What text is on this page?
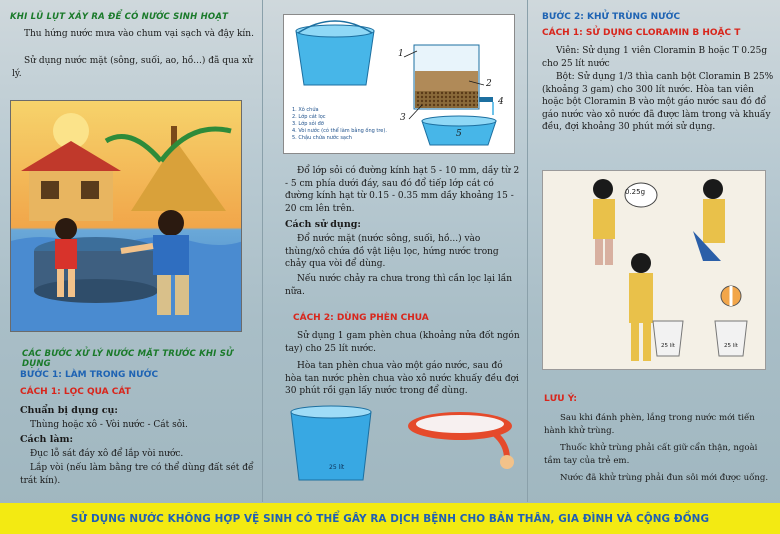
KHI LŨ LỤT XẢY RA ĐỂ CÓ NƯỚC SINH HOẠT
Thu hứng nước mưa vào chum vại sạch và đậy kín.
Sử dụng nước mặt (sông, suối, ao, hồ...) đã qua xử lý.
CÁC BƯỚC XỬ LÝ NƯỚC MẶT TRƯỚC KHI SỬ DỤNG
BƯỚC 1: LÀM TRONG NƯỚC
CÁCH 1: LỌC QUA CÁT
Chuẩn bị dụng cụ:
Thùng hoặc xô - Vòi nước - Cát sỏi.
Cách làm:
Đục lỗ sát đáy xô để lắp vòi nước.
Lắp vòi (nếu làm bằng tre có thể dùng đất sét để trát kín).
1
2
3
4
5
1. Xô chứa
2. Lớp cát lọc
3. Lớp sỏi đỡ
4. Vòi nước (có thể làm bằng ống tre).
5. Chậu chứa nước sạch
Đổ lớp sỏi có đường kính hạt 5 - 10 mm, dầy từ 2 - 5 cm phía dưới đáy, sau đó đổ tiếp lớp cát có đường kính hạt từ 0.15 - 0.35 mm dầy khoảng 15 - 20 cm lên trên.
Cách sử dụng:
Đổ nước mặt (nước sông, suối, hồ...) vào thùng/xô chứa đồ vật liệu lọc, hứng nước trong chảy qua vòi để dùng.
Nếu nước chảy ra chưa trong thì cần lọc lại lần nữa.
CÁCH 2: DÙNG PHÈN CHUA
Sử dụng 1 gam phèn chua (khoảng nửa đốt ngón tay) cho 25 lít nước.
Hòa tan phèn chua vào một gáo nước, sau đó hòa tan nước phèn chua vào xô nước khuấy đều đợi 30 phút rồi gạn lấy nước trong để dùng.
25 lít
BƯỚC 2: KHỬ TRÙNG NƯỚC
CÁCH 1: SỬ DỤNG CLORAMIN B HOẶC T
Viên: Sử dụng 1 viên Cloramin B hoặc T 0.25g cho 25 lít nước
Bột: Sử dụng 1/3 thìa canh bột Cloramin B 25% (khoảng 3 gam) cho 300 lít nước. Hòa tan viên hoặc bột Cloramin B vào một gáo nước sau đó đổ gáo nước vào xô nước đã được làm trong và khuấy đều, đợi khoảng 30 phút mới sử dụng.
0.25g
25 lít	25 lít
LƯU Ý:
Sau khi đánh phèn, lắng trong nước mới tiến hành khử trùng.
Thuốc khử trùng phải cất giữ cẩn thận, ngoài tầm tay của trẻ em.
Nước đã khử trùng phải đun sôi mới được uống.
SỬ DỤNG NƯỚC KHÔNG HỢP VỆ SINH CÓ THỂ GÂY RA DỊCH BỆNH CHO BẢN THÂN, GIA ĐÌNH VÀ CỘNG ĐỒNG
